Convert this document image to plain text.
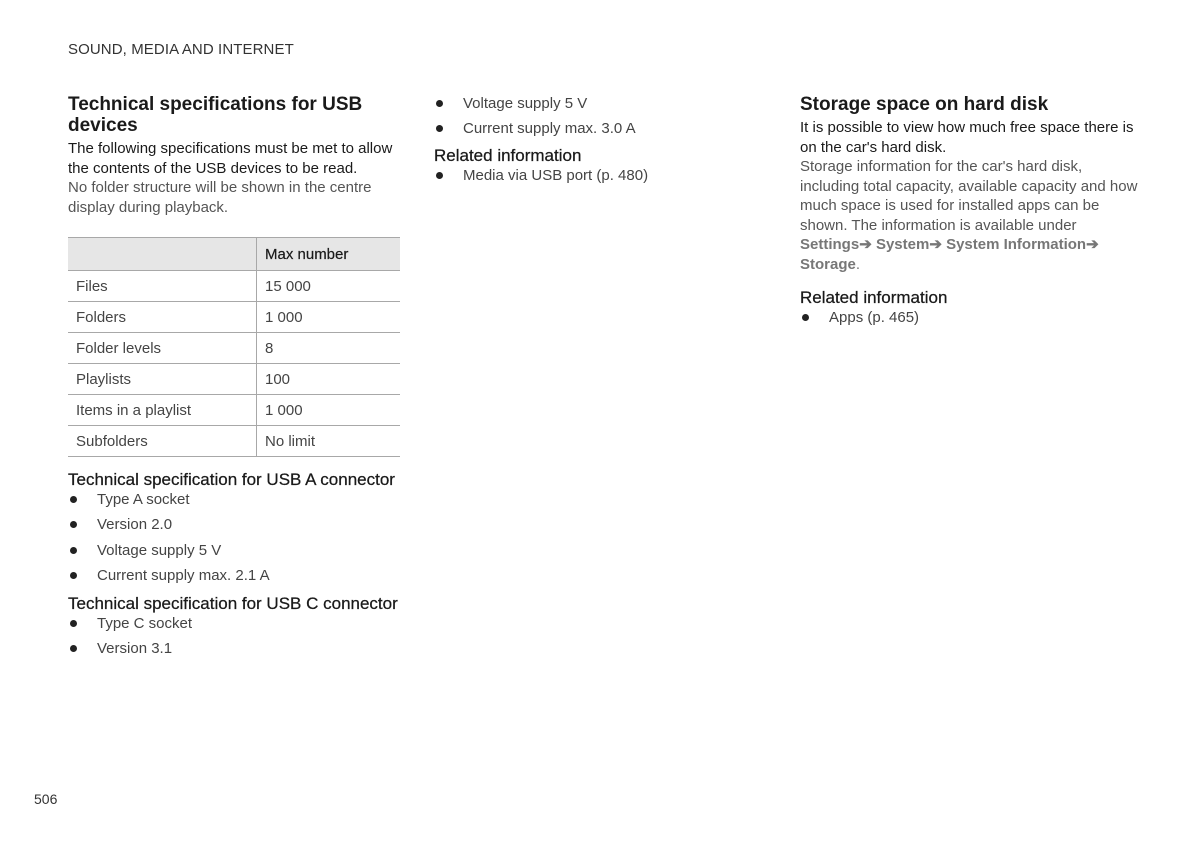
SOUND, MEDIA AND INTERNET
Technical specifications for USB devices

The following specifications must be met to allow the contents of the USB devices to be read.

No folder structure will be shown in the centre display during playback.

	Max number
Files	15 000
Folders	1 000
Folder levels	8
Playlists	100
Items in a playlist	1 000
Subfolders	No limit
Technical specification for USB A connector
Type A socket
Version 2.0
Voltage supply 5 V
Current supply max. 2.1 A
Technical specification for USB C connector
Type C socket
Version 3.1
Voltage supply 5 V
Current supply max. 3.0 A
Related information
Media via USB port (p. 480)
Storage space on hard disk

It is possible to view how much free space there is on the car's hard disk.

Storage information for the car's hard disk, including total capacity, available capacity and how much space is used for installed apps can be shown. The information is available under

Settings➔ System➔ System Information➔ Storage.

Related information
Apps (p. 465)
506
